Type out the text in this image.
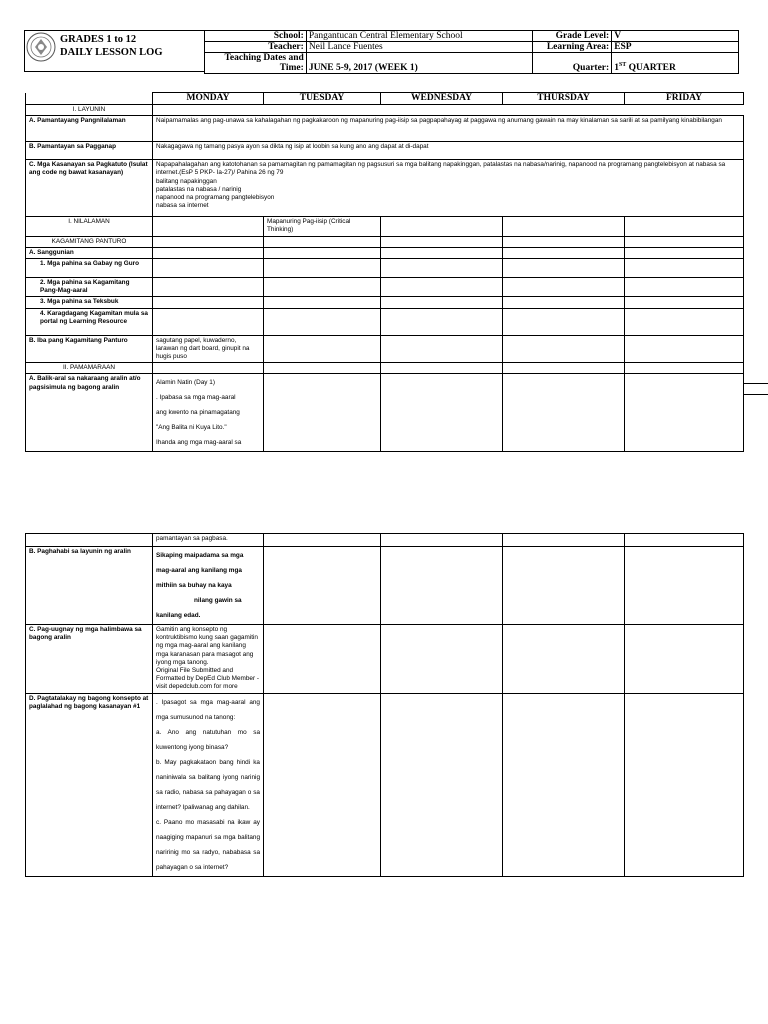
GRADES 1 to 12
DAILY LESSON LOG
School:	Pangantucan Central Elementary School	Grade Level:	V
Teacher:	Neil Lance Fuentes	Learning Area:	ESP

Teaching Dates and
Time:	JUNE 5-9, 2017 (WEEK 1)	Quarter:	1ST QUARTER
	MONDAY	TUESDAY	WEDNESDAY	THURSDAY	FRIDAY
I. LAYUNIN					
A. Pamantayang Pangnilalaman	Naipamamalas ang pag-unawa sa kahalagahan ng pagkakaroon ng mapanuring pag-iisip sa pagpapahayag at paggawa ng anumang gawain na may kinalaman sa sarili at sa pamilyang kinabibilangan				
B. Pamantayan sa Pagganap	Nakagagawa ng tamang pasya ayon sa dikta ng isip at loobin sa kung ano ang dapat at di-dapat				
C. Mga Kasanayan sa Pagkatuto (Isulat ang code ng bawat kasanayan)	Napapahalagahan ang katotohanan sa pamamagitan ng pamamagitan ng pagsusuri sa mga balitang napakinggan, patalastas na nabasa/narinig, napanood na programang pangtelebisyon at nabasa sa internet.(EsP 5 PKP- Ia-27)/ Pahina 26 ng 79
balitang napakinggan
patalastas na nabasa / narinig
napanood na programang pangtelebisyon
nabasa sa internet				

I. NILALAMAN		Mapanuring Pag-iisip (Critical Thinking)			
KAGAMITANG PANTURO					
A. Sanggunian					
1. Mga pahina sa Gabay ng Guro					
2. Mga pahina sa Kagamitang Pang-Mag-aaral					
3. Mga pahina sa Teksbuk					
4. Karagdagang Kagamitan mula sa portal ng Learning Resource					
B. Iba pang Kagamitang Panturo	sagutang papel, kuwaderno, larawan ng dart board, ginupit na hugis puso				
II. PAMAMARAAN					
A. Balik-aral sa nakaraang aralin at/o pagsisimula ng bagong aralin	Alamin Natin (Day 1)
. Ipabasa sa mga mag-aaral
ang kwento na pinamagatang
"Ang Balita ni Kuya Lito."
Ihanda ang mga mag-aaral sa				

	pamantayan sa pagbasa.				
B. Paghahabi sa layunin ng aralin	Sikaping maipadama sa mga
mag-aaral ang kanilang mga
mithiin sa buhay na kaya
nilang gawin sa
kanilang edad.				

C. Pag-uugnay ng mga halimbawa sa bagong aralin	Gamitin ang konsepto ng kontruktibismo kung saan gagamitin ng mga mag-aaral ang kanilang mga karanasan para masagot ang iyong mga tanong.
Original File Submitted and Formatted by DepEd Club Member - visit depedclub.com for more				

D. Pagtatalakay ng bagong konsepto at paglalahad ng bagong kasanayan #1	. Ipasagot sa mga mag-aaral ang mga sumusunod na tanong:
a. Ano ang natutuhan mo sa kuwentong iyong binasa?
b. May pagkakataon bang hindi ka naniniwala sa balitang iyong narinig sa radio, nabasa sa pahayagan o sa internet? Ipaliwanag ang dahilan.
c. Paano mo masasabi na ikaw ay naagiging mapanuri sa mga balitang naririnig mo sa radyo, nababasa sa pahayagan o sa internet?				
